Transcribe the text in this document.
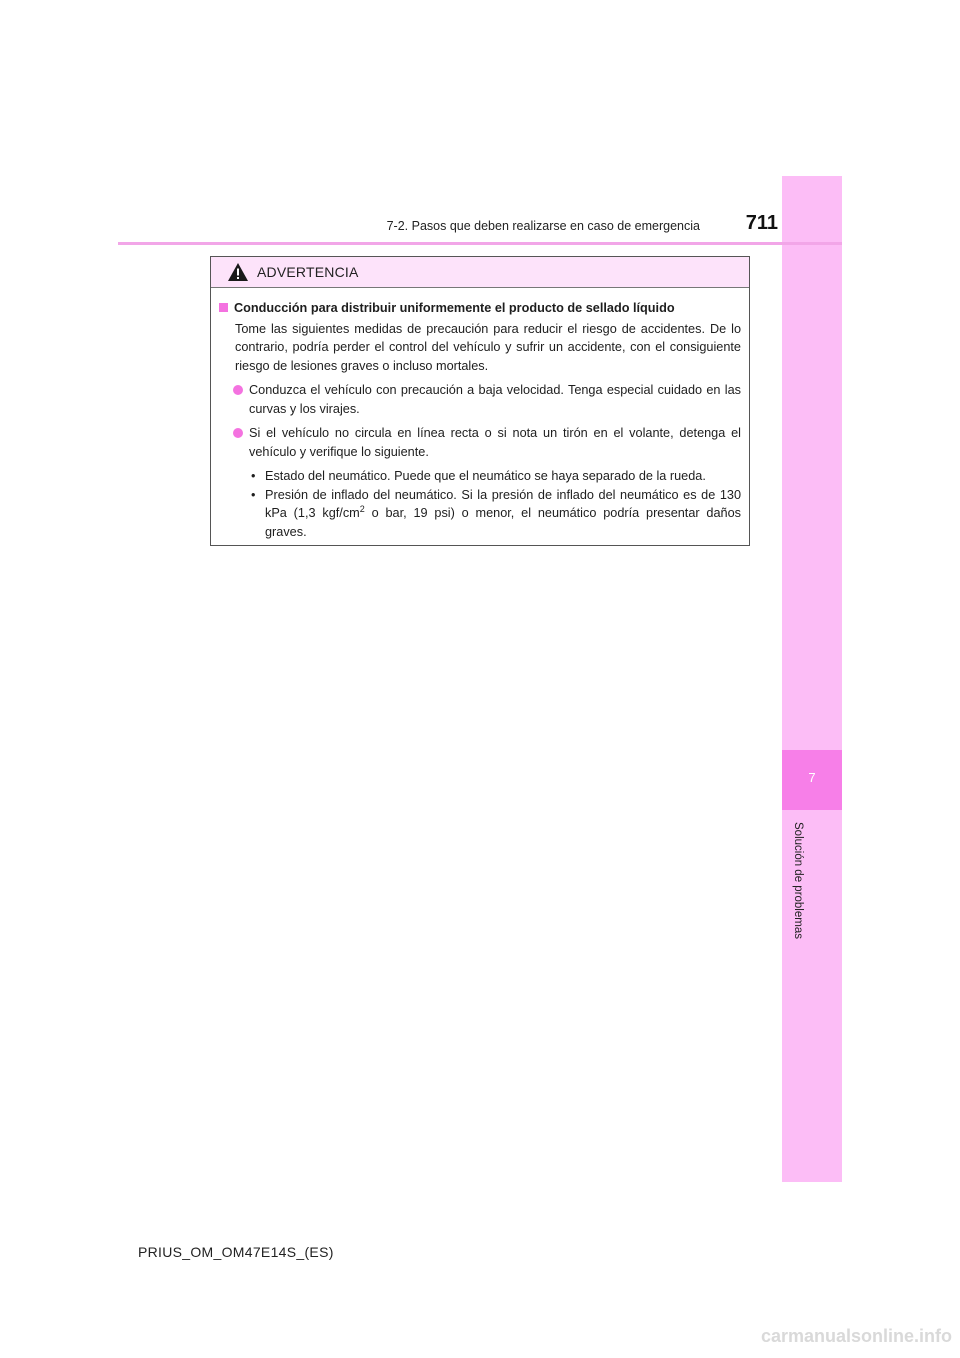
7
Solución de problemas
7-2. Pasos que deben realizarse en caso de emergencia	711
ADVERTENCIA
Conducción para distribuir uniformemente el producto de sellado líquido
Tome las siguientes medidas de precaución para reducir el riesgo de accidentes. De lo contrario, podría perder el control del vehículo y sufrir un accidente, con el consiguiente riesgo de lesiones graves o incluso mortales.
Conduzca el vehículo con precaución a baja velocidad. Tenga especial cuidado en las curvas y los virajes.
Si el vehículo no circula en línea recta o si nota un tirón en el volante, detenga el vehículo y verifique lo siguiente.
• Estado del neumático. Puede que el neumático se haya separado de la rueda.
• Presión de inflado del neumático. Si la presión de inflado del neumático es de 130 kPa (1,3 kgf/$cm^2$ o bar, 19 psi) o menor, el neumático podría presentar daños graves.
PRIUS_OM_OM47E14S_(ES)
carmanualsonline.info
